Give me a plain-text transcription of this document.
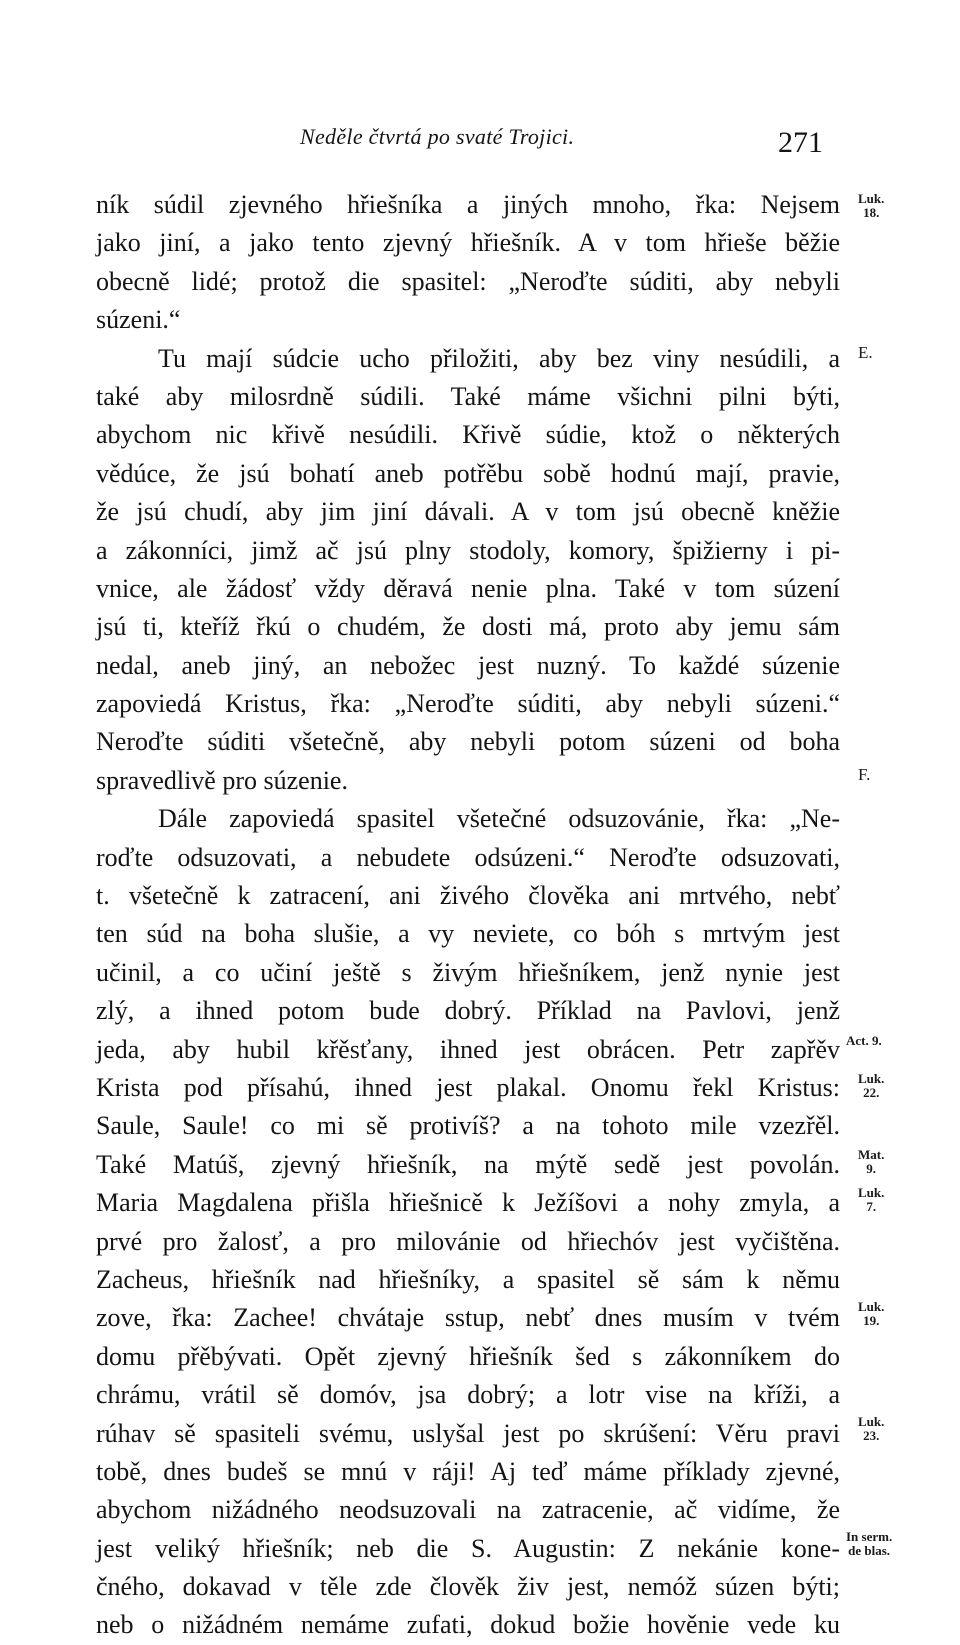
Neděle čtvrtá po svaté Trojici.	271
ník súdil zjevného hřiešníka a jiných mnoho, řka: Nejsem
jako jiní, a jako tento zjevný hřiešník. A v tom hřieše běžie
obecně lidé; protož die spasitel: „Neroďte súditi, aby nebyli
súzeni.“
Tu mají súdcie ucho přiložiti, aby bez viny nesúdili, a
také aby milosrdně súdili. Také máme všichni pilni býti,
abychom nic křivě nesúdili. Křivě súdie, ktož o některých
vědúce, že jsú bohatí aneb potřěbu sobě hodnú mají, pravie,
že jsú chudí, aby jim jiní dávali. A v tom jsú obecně kněžie
a zákonníci, jimž ač jsú plny stodoly, komory, špižierny i pi-
vnice, ale žádosť vždy děravá nenie plna. Také v tom súzení
jsú ti, kteříž řkú o chudém, že dosti má, proto aby jemu sám
nedal, aneb jiný, an nebožec jest nuzný. To každé súzenie
zapoviedá Kristus, řka: „Neroďte súditi, aby nebyli súzeni.“
Neroďte súditi všetečně, aby nebyli potom súzeni od boha
spravedlivě pro súzenie.
Dále zapoviedá spasitel všetečné odsuzovánie, řka: „Ne-
roďte odsuzovati, a nebudete odsúzeni.“ Neroďte odsuzovati,
t. všetečně k zatracení, ani živého člověka ani mrtvého, nebť
ten súd na boha slušie, a vy neviete, co bóh s mrtvým jest
učinil, a co učiní ještě s živým hřiešníkem, jenž nynie jest
zlý, a ihned potom bude dobrý. Příklad na Pavlovi, jenž
jeda, aby hubil křěsťany, ihned jest obrácen. Petr zapřěv
Krista pod přísahú, ihned jest plakal. Onomu řekl Kristus:
Saule, Saule! co mi sě protivíš? a na tohoto mile vzezřěl.
Také Matúš, zjevný hřiešník, na mýtě sedě jest povolán.
Maria Magdalena přišla hřiešnicě k Ježíšovi a nohy zmyla, a
prvé pro žalosť, a pro milovánie od hřiechóv jest vyčištěna.
Zacheus, hřiešník nad hřiešníky, a spasitel sě sám k němu
zove, řka: Zachee! chvátaje sstup, nebť dnes musím v tvém
domu přěbývati. Opět zjevný hřiešník šed s zákonníkem do
chrámu, vrátil sě domóv, jsa dobrý; a lotr vise na kříži, a
rúhav sě spasiteli svému, uslyšal jest po skrúšení: Věru pravi
tobě, dnes budeš se mnú v ráji! Aj teď máme příklady zjevné,
abychom nižádného neodsuzovali na zatracenie, ač vidíme, že
jest veliký hřiešník; neb die S. Augustin: Z nekánie kone-
čného, dokavad v těle zde člověk živ jest, nemóž súzen býti;
neb o nižádném nemáme zufati, dokud božie hověnie vede ku
Luk.
18.
E.
F.
Act. 9.
Luk.
22.
Mat.
9.
Luk.
7.
Luk.
19.
Luk.
23.
In serm.
de blas.
